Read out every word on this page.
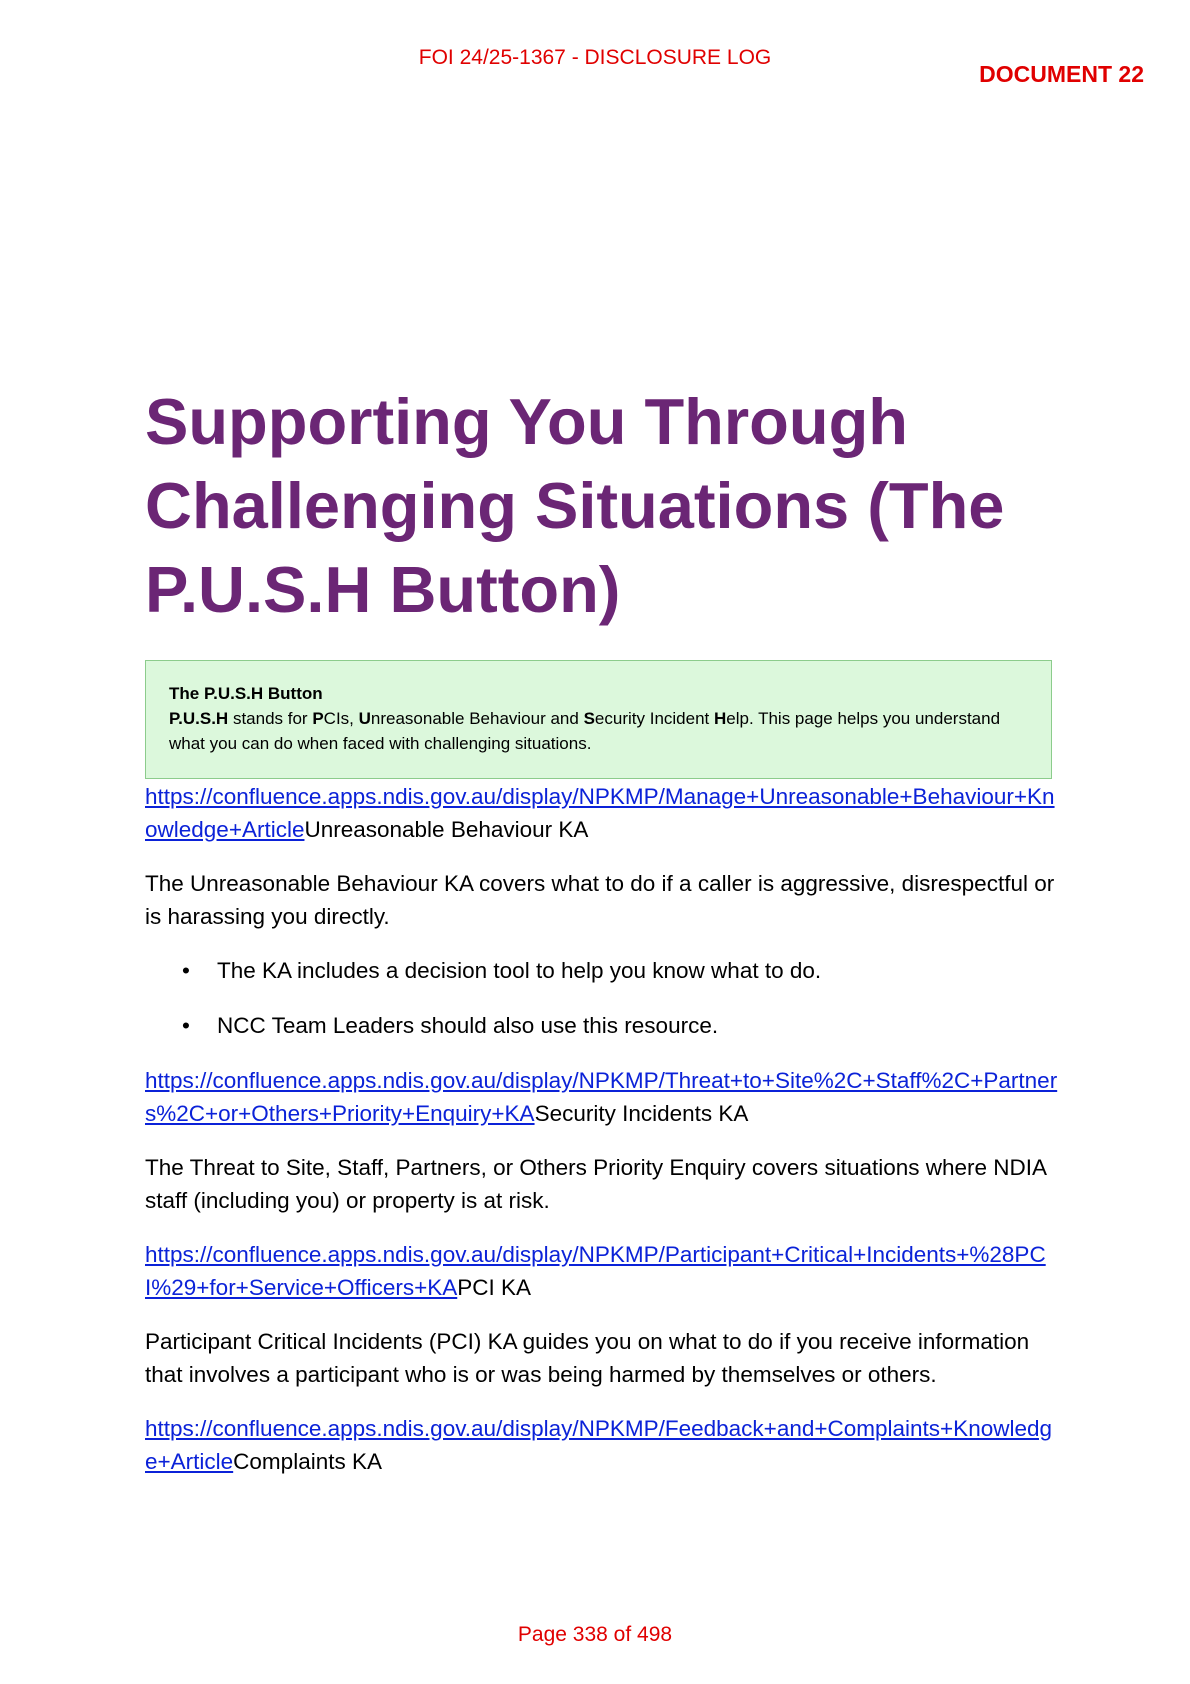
FOI 24/25-1367 - DISCLOSURE LOG
DOCUMENT 22
Supporting You Through Challenging Situations (The P.U.S.H Button)
The P.U.S.H Button
P.U.S.H stands for PCIs, Unreasonable Behaviour and Security Incident Help. This page helps you understand what you can do when faced with challenging situations.

https://confluence.apps.ndis.gov.au/display/NPKMP/Manage+Unreasonable+Behaviour+Knowledge+ArticleUnreasonable Behaviour KA

The Unreasonable Behaviour KA covers what to do if a caller is aggressive, disrespectful or is harassing you directly.

• The KA includes a decision tool to help you know what to do.
• NCC Team Leaders should also use this resource.

https://confluence.apps.ndis.gov.au/display/NPKMP/Threat+to+Site%2C+Staff%2C+Partners%2C+or+Others+Priority+Enquiry+KASecurity Incidents KA

The Threat to Site, Staff, Partners, or Others Priority Enquiry covers situations where NDIA staff (including you) or property is at risk.

https://confluence.apps.ndis.gov.au/display/NPKMP/Participant+Critical+Incidents+%28PCI%29+for+Service+Officers+KAPCI KA

Participant Critical Incidents (PCI) KA guides you on what to do if you receive information that involves a participant who is or was being harmed by themselves or others.

https://confluence.apps.ndis.gov.au/display/NPKMP/Feedback+and+Complaints+Knowledge+ArticleComplaints KA

Page 338 of 498
